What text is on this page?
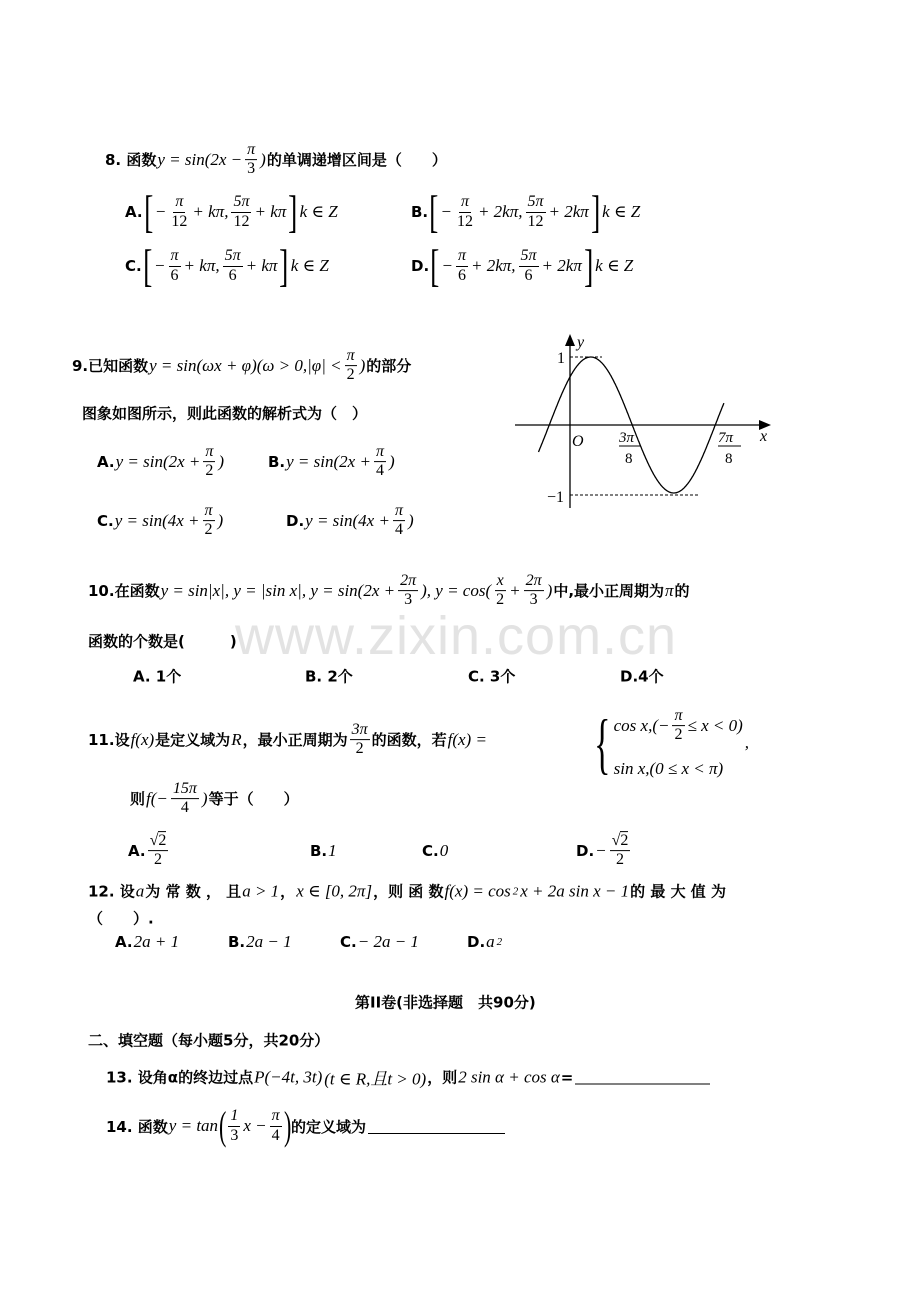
www.zixin.com.cn
8. 函数 $y = \sin(2x - \frac{\pi}{3}$ ) 的单调递增区间是（　　）
A. [ − $\frac{\pi}{12} + k\pi$, $\frac{5\pi}{12} + k\pi$ ] k ∈ Z	B. [ − $\frac{\pi}{12} + 2k\pi$, $\frac{5\pi}{12} + 2k\pi$ ] k ∈ Z
C. [ − $\frac{\pi}{6} + k\pi$, $\frac{5\pi}{6} + k\pi$ ] k ∈ Z	D. [ − $\frac{\pi}{6} + 2k\pi$, $\frac{5\pi}{6} + 2k\pi$ ] k ∈ Z
9.已知函数 $y = \sin(\omega x + \varphi)(\omega > 0,|\varphi| < \frac{\pi}{2}$ ) 的部分
图象如图所示，则此函数的解析式为（　）
A. $y = \sin(2x + \frac{\pi}{2}$ )	B. $y = \sin(2x + \frac{\pi}{4}$ )
C. $y = \sin(4x + \frac{\pi}{2}$ )	D. $y = \sin(4x + \frac{\pi}{4}$ )
y
x
O
1
−1
3π
8
7π
8
10.在函数 y = sin|x|, y = |sin x|, $y = \sin(2x + \frac{2\pi}{3}$ ), $y = \cos( \frac{x}{2} + \frac{2\pi}{3}$ ) 中,最小正周期为 π 的
函数的个数是(　　　)
A. 1个	B. 2个	C. 3个	D.4个
11.设 f(x) 是定义域为 R ，最小正周期为 $\frac{3\pi}{2}$ 的函数，若 f(x) = { $\cos x,(- \frac{\pi}{2} \le x < 0)$
sin x,(0 ≤ x < π)
,
则 $f(- \frac{15\pi}{4}$ ) 等于（　　）
A. $\frac{√2}{2}$	B. 1	C. 0	D. − $\frac{√2}{2}$
12. 设 a 为 常 数 ， 且 a > 1 ， x ∈ [0, 2π] ，则 函 数 f(x) = cos 2 x + 2a sin x − 1 的 最 大 值 为
（　　）.
A. 2a + 1	B. 2a − 1	C. − 2a − 1	D. a 2
第II卷(非选择题　共90分)
二、填空题（每小题5分，共20分）
13. 设角α的终边过点 P(−4t, 3t) (t ∈ R,且t > 0) ，则 2 sin α + cos α =
14. 函数 y = tan ( $\frac{1}{3}$ $x - \frac{\pi}{4}$ ) 的定义域为
